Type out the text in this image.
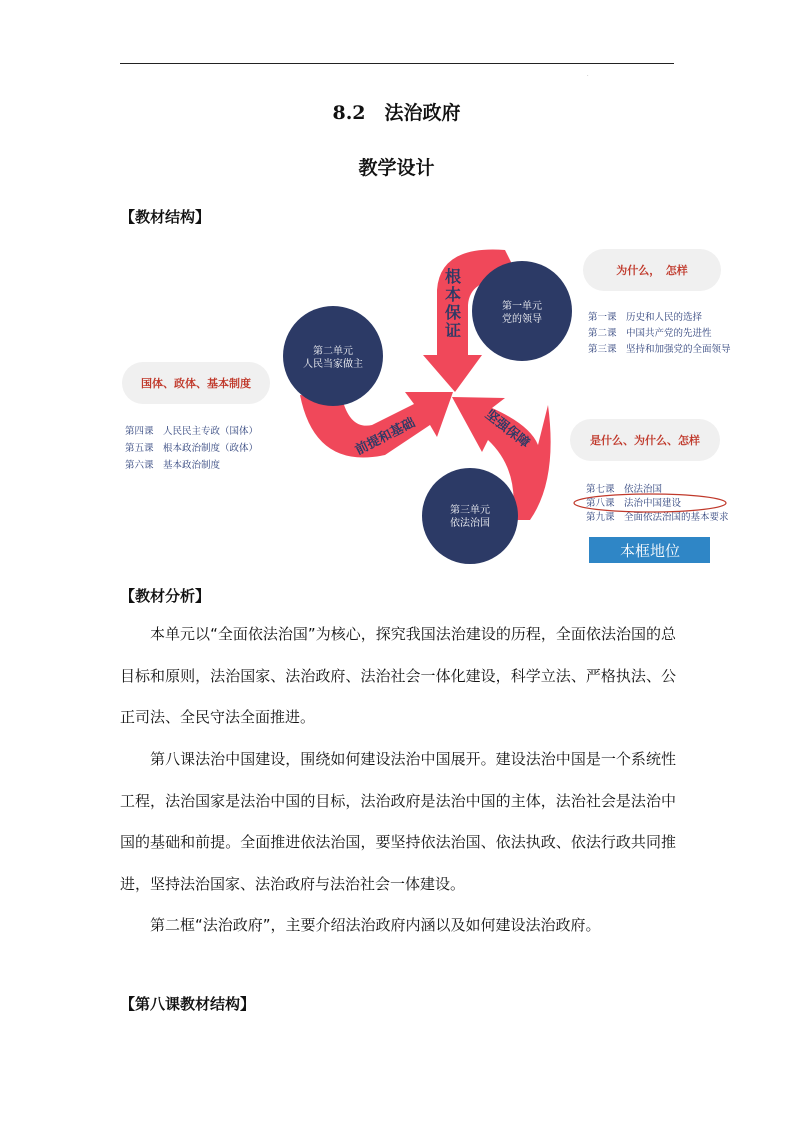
.
8.2　法治政府
教学设计
【教材结构】
根本保证
前提和基础	坚强保障
第一单元
党的领导
第二单元
人民当家做主
第三单元
依法治国
为什么，　怎样
国体、政体、基本制度
是什么、为什么、怎样
第一课　历史和人民的选择
第二课　中国共产党的先进性
第三课　坚持和加强党的全面领导
第四课　人民民主专政（国体）
第五课　根本政治制度（政体）
第六课　基本政治制度
第七课　依法治国
第八课　法治中国建设
第九课　全面依法治国的基本要求
本框地位
【教材分析】
本单元以“全面依法治国”为核心，探究我国法治建设的历程，全面依法治国的总目标和原则，法治国家、法治政府、法治社会一体化建设，科学立法、严格执法、公正司法、全民守法全面推进。
第八课法治中国建设，围绕如何建设法治中国展开。建设法治中国是一个系统性工程，法治国家是法治中国的目标，法治政府是法治中国的主体，法治社会是法治中国的基础和前提。全面推进依法治国，要坚持依法治国、依法执政、依法行政共同推进，坚持法治国家、法治政府与法治社会一体建设。
第二框“法治政府”，主要介绍法治政府内涵以及如何建设法治政府。
【第八课教材结构】
